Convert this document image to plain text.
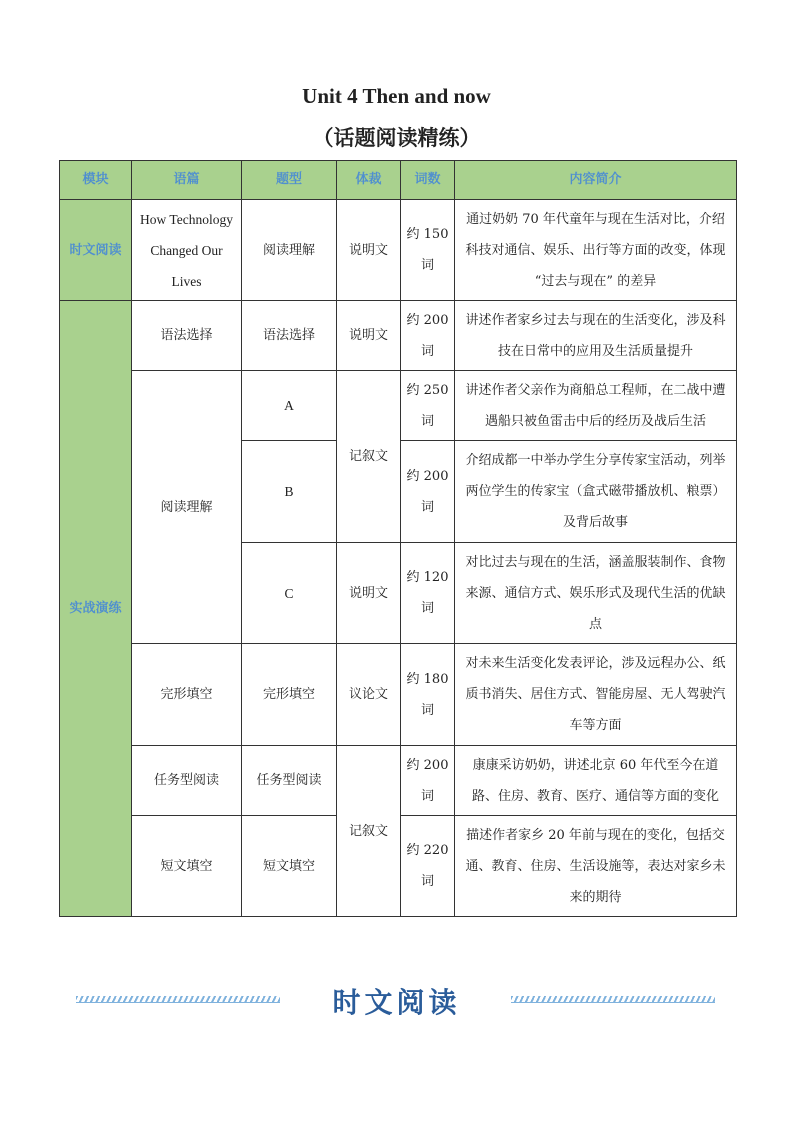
Unit 4 Then and now
（话题阅读精练）
模块	语篇	题型	体裁	词数	内容简介
时文阅读	How Technology Changed Our Lives	阅读理解	说明文	约 150 词	通过奶奶 70 年代童年与现在生活对比，介绍科技对通信、娱乐、出行等方面的改变，体现 “过去与现在” 的差异
实战演练	语法选择	语法选择	说明文	约 200 词	讲述作者家乡过去与现在的生活变化，涉及科技在日常中的应用及生活质量提升
	阅读理解	A	记叙文	约 250 词	讲述作者父亲作为商船总工程师，在二战中遭遇船只被鱼雷击中后的经历及战后生活
		B		约 200 词	介绍成都一中举办学生分享传家宝活动，列举两位学生的传家宝（盒式磁带播放机、粮票）及背后故事
		C	说明文	约 120 词	对比过去与现在的生活，涵盖服装制作、食物来源、通信方式、娱乐形式及现代生活的优缺点
	完形填空	完形填空	议论文	约 180 词	对未来生活变化发表评论，涉及远程办公、纸质书消失、居住方式、智能房屋、无人驾驶汽车等方面
	任务型阅读	任务型阅读	记叙文	约 200 词	康康采访奶奶，讲述北京 60 年代至今在道路、住房、教育、医疗、通信等方面的变化
	短文填空	短文填空		约 220 词	描述作者家乡 20 年前与现在的变化，包括交通、教育、住房、生活设施等，表达对家乡未来的期待
时文阅读
